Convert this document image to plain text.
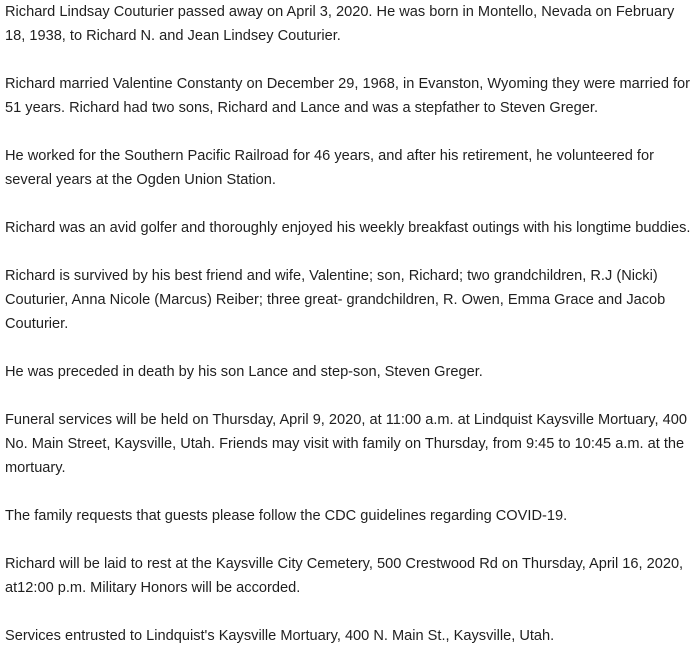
Richard Lindsay Couturier passed away on April 3, 2020. He was born in Montello, Nevada on February 18, 1938, to Richard N. and Jean Lindsey Couturier.

Richard married Valentine Constanty on December 29, 1968, in Evanston, Wyoming they were married for 51 years. Richard had two sons, Richard and Lance and was a stepfather to Steven Greger.

He worked for the Southern Pacific Railroad for 46 years, and after his retirement, he volunteered for several years at the Ogden Union Station.

Richard was an avid golfer and thoroughly enjoyed his weekly breakfast outings with his longtime buddies.

Richard is survived by his best friend and wife, Valentine; son, Richard; two grandchildren, R.J (Nicki) Couturier, Anna Nicole (Marcus) Reiber; three great- grandchildren, R. Owen, Emma Grace and Jacob Couturier.

He was preceded in death by his son Lance and step-son, Steven Greger.

Funeral services will be held on Thursday, April 9, 2020, at 11:00 a.m. at Lindquist Kaysville Mortuary, 400 No. Main Street, Kaysville, Utah. Friends may visit with family on Thursday, from 9:45 to 10:45 a.m. at the mortuary.

The family requests that guests please follow the CDC guidelines regarding COVID-19.

Richard will be laid to rest at the Kaysville City Cemetery, 500 Crestwood Rd on Thursday, April 16, 2020, at12:00 p.m. Military Honors will be accorded.

Services entrusted to Lindquist's Kaysville Mortuary, 400 N. Main St., Kaysville, Utah.
